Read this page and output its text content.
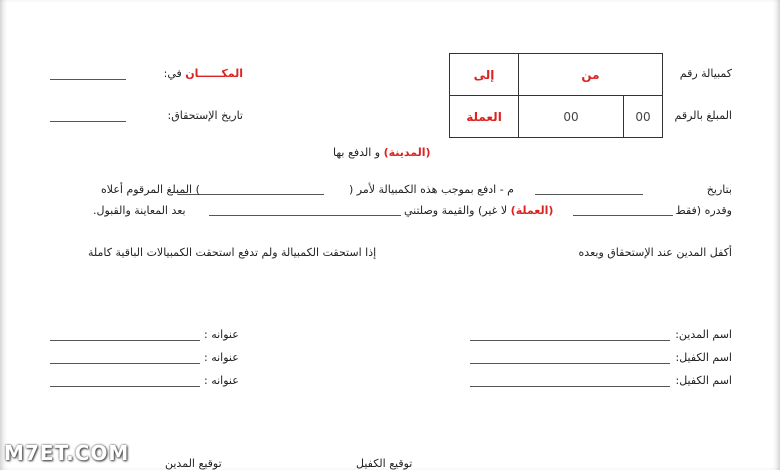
كمبيالة رقم
المبلغ بالرقم
من
إلى
00
00
العملة
المكــــــان في:
تاريخ الإستحقاق:
(المدينة) و الدفع بها
بتاريخ
م - ادفع بموجب هذه الكمبيالة لأمر (
) المبلغ المرقوم أعلاه
وقدره (فقط
(العملة) لا غير) والقيمة وصلتني
بعد المعاينة والقبول.
أكفل المدين عند الإستحقاق وبعده
إذا استحقت الكمبيالة ولم تدفع استحقت الكمبيالات الباقية كاملة
اسم المدين:
اسم الكفيل:
اسم الكفيل:
عنوانه :
عنوانه :
عنوانه :
توقيع الكفيل
توقيع المدين
M7ET.COM
